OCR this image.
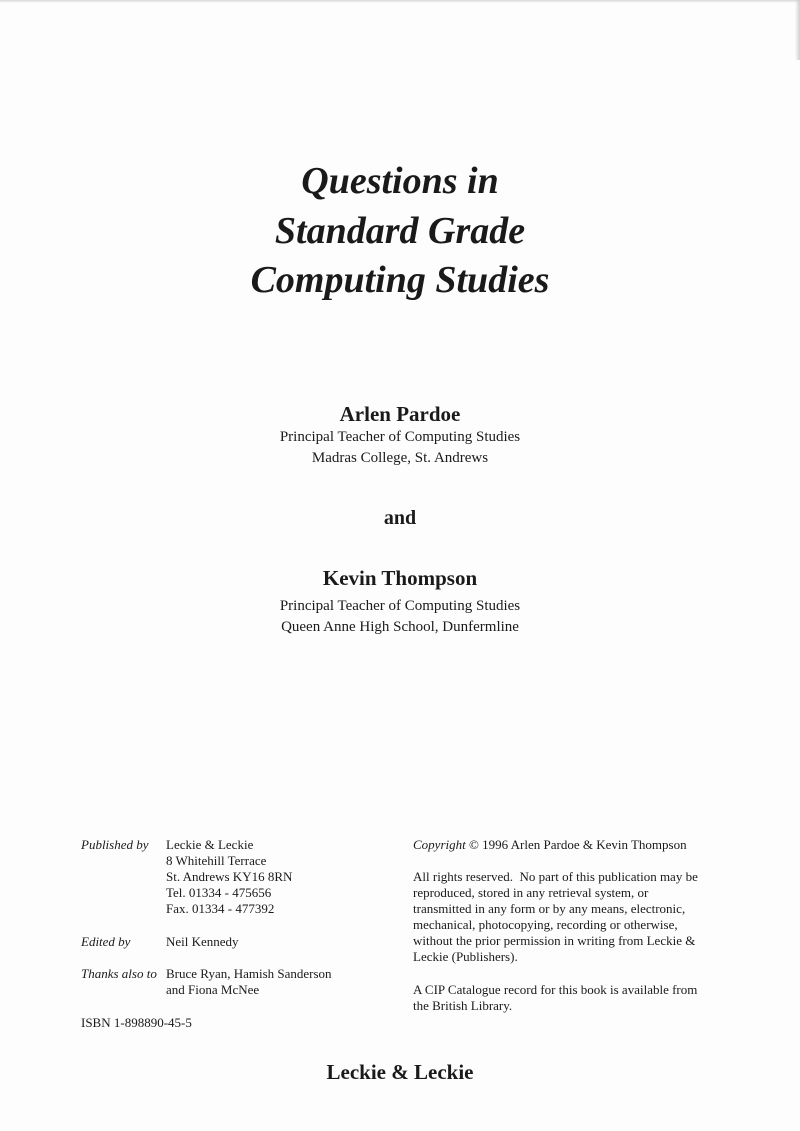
Questions in
Standard Grade
Computing Studies
Arlen Pardoe
Principal Teacher of Computing Studies
Madras College, St. Andrews
and
Kevin Thompson
Principal Teacher of Computing Studies
Queen Anne High School, Dunfermline
Published by Leckie & Leckie
8 Whitehill Terrace
St. Andrews KY16 8RN
Tel. 01334 - 475656
Fax. 01334 - 477392
Edited by	Neil Kennedy
Thanks also to Bruce Ryan, Hamish Sanderson
and Fiona McNee
ISBN 1-898890-45-5
Copyright © 1996 Arlen Pardoe & Kevin Thompson
All rights reserved.  No part of this publication may be
reproduced, stored in any retrieval system, or
transmitted in any form or by any means, electronic,
mechanical, photocopying, recording or otherwise,
without the prior permission in writing from Leckie &
Leckie (Publishers).
A CIP Catalogue record for this book is available from
the British Library.
Leckie & Leckie
